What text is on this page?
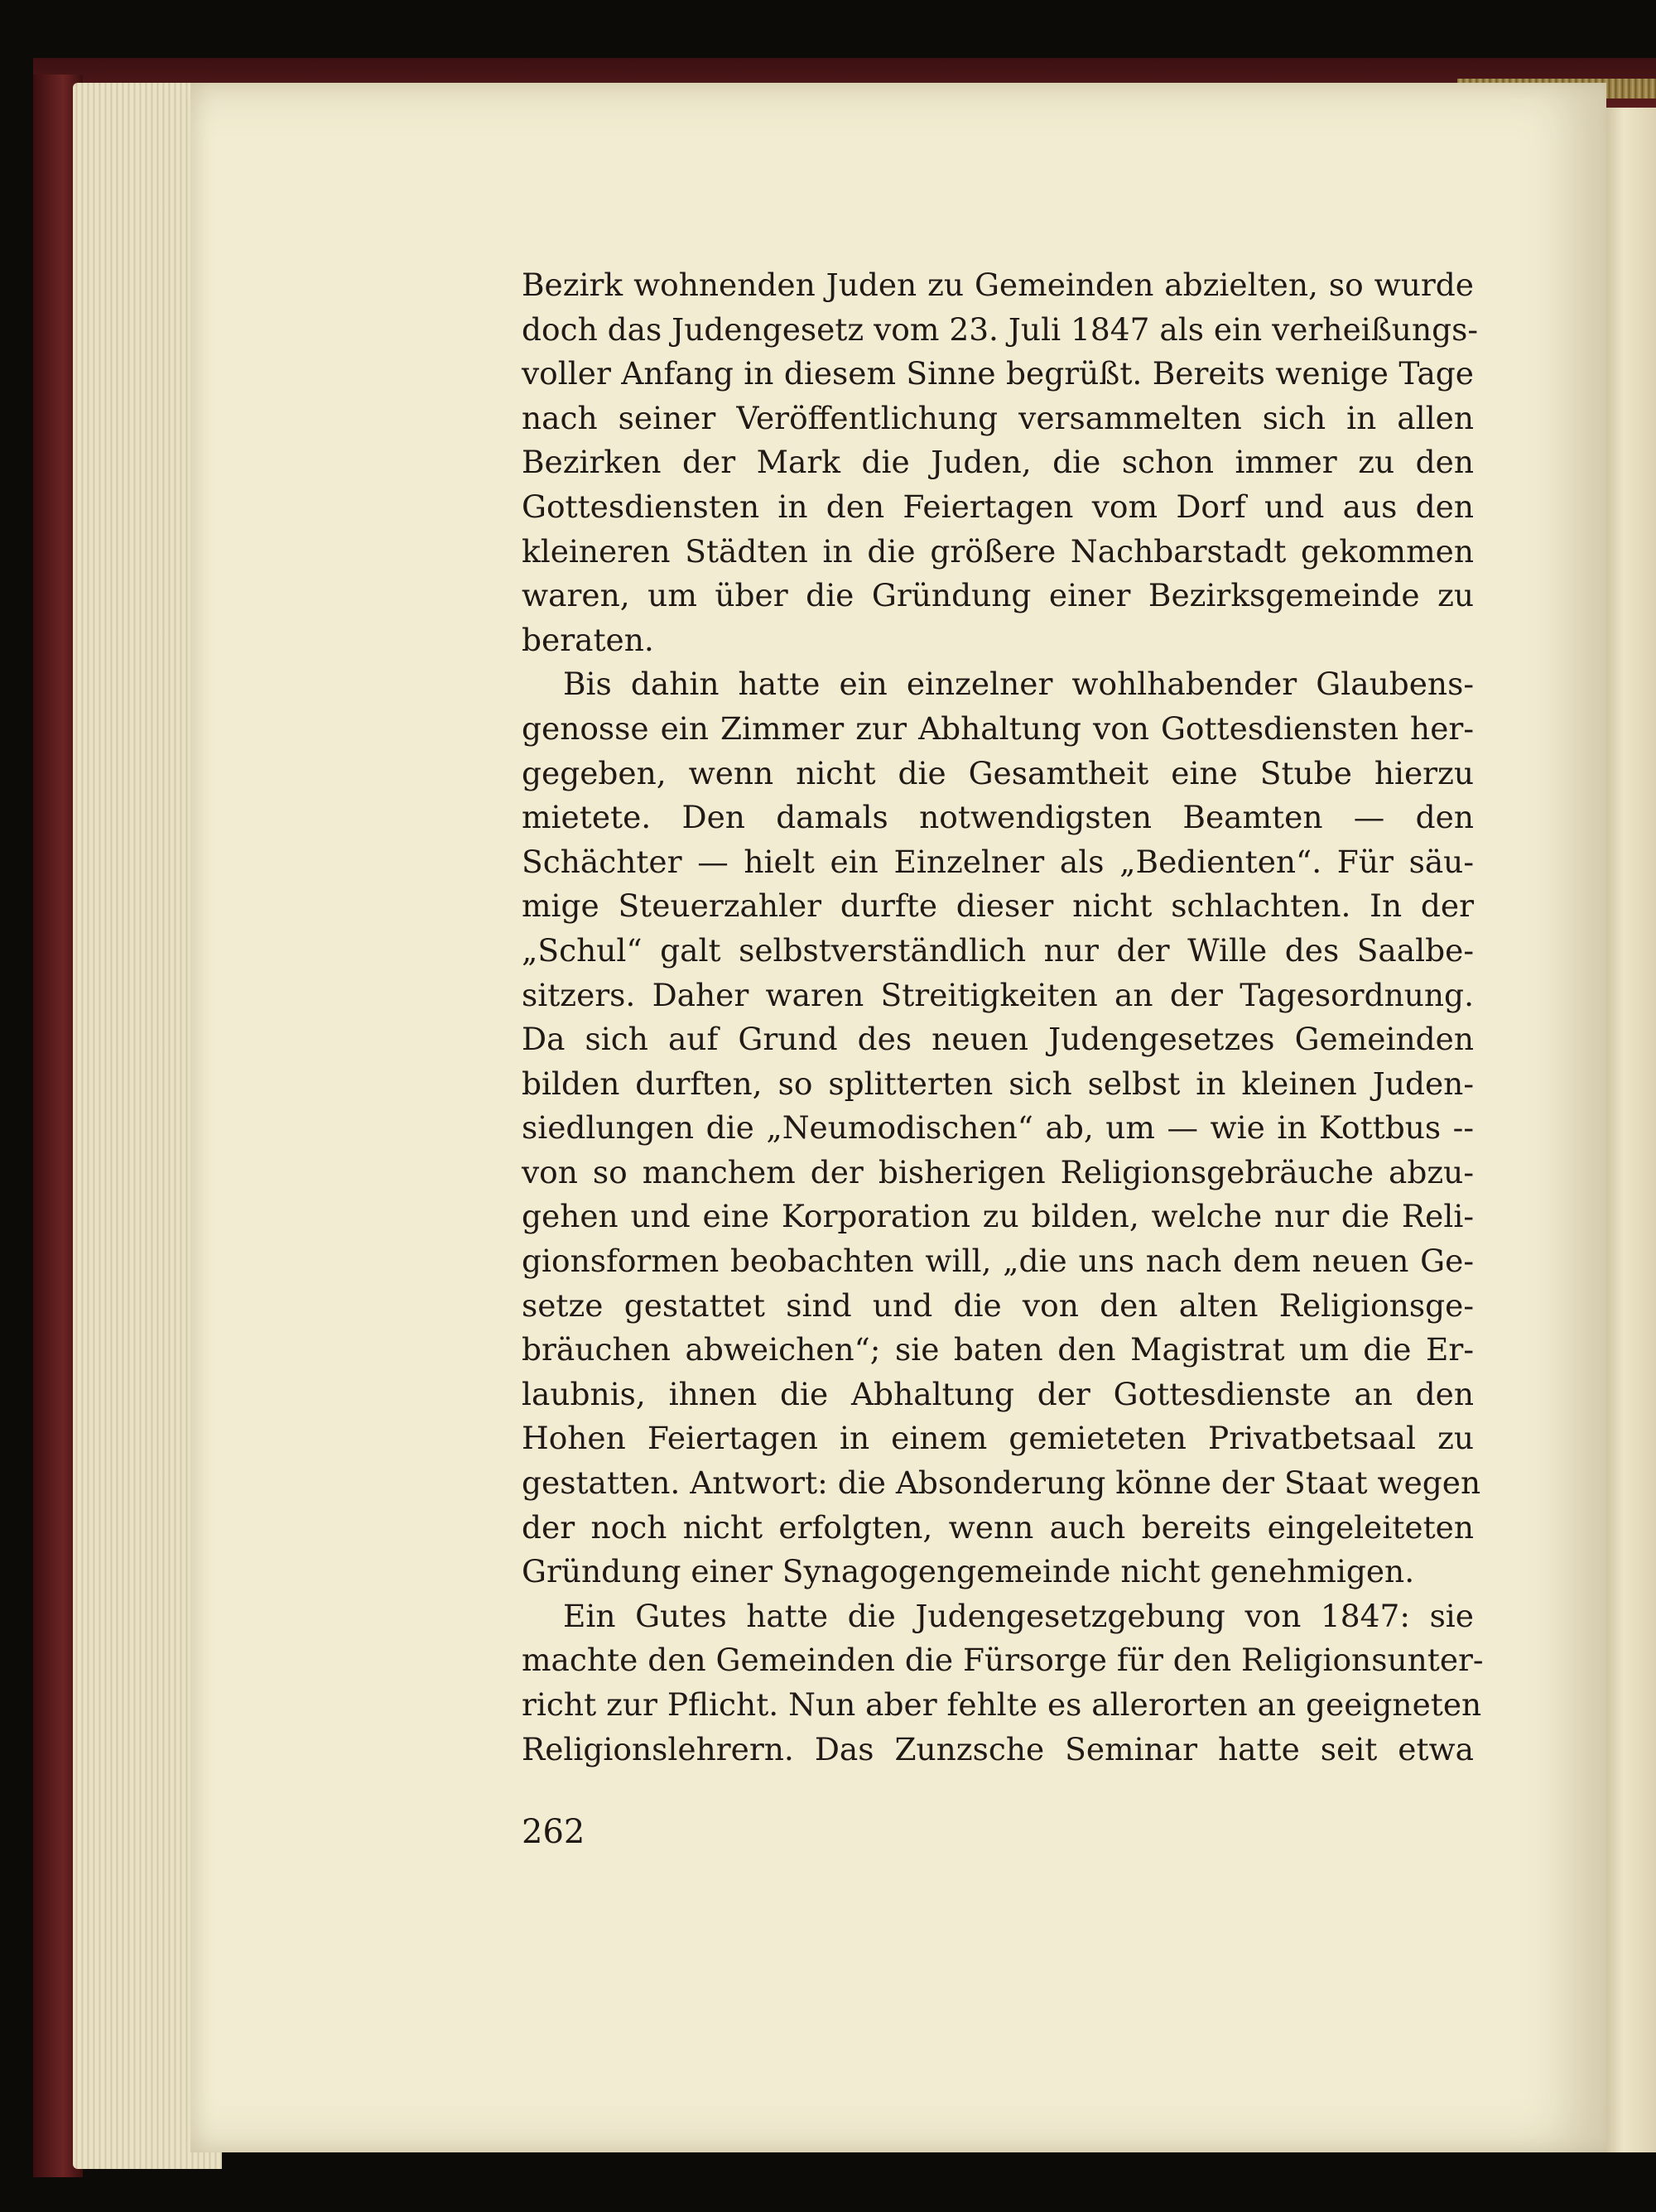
Bezirk wohnenden Juden zu Gemeinden abzielten, so wurde
doch das Judengesetz vom 23. Juli 1847 als ein verheißungs-
voller Anfang in diesem Sinne begrüßt. Bereits wenige Tage
nach seiner Veröffentlichung versammelten sich in allen
Bezirken der Mark die Juden, die schon immer zu den
Gottesdiensten in den Feiertagen vom Dorf und aus den
kleineren Städten in die größere Nachbarstadt gekommen
waren, um über die Gründung einer Bezirksgemeinde zu
beraten.
Bis dahin hatte ein einzelner wohlhabender Glaubens-
genosse ein Zimmer zur Abhaltung von Gottesdiensten her-
gegeben, wenn nicht die Gesamtheit eine Stube hierzu
mietete. Den damals notwendigsten Beamten — den
Schächter — hielt ein Einzelner als „Bedienten“. Für säu-
mige Steuerzahler durfte dieser nicht schlachten. In der
„Schul“ galt selbstverständlich nur der Wille des Saalbe-
sitzers. Daher waren Streitigkeiten an der Tagesordnung.
Da sich auf Grund des neuen Judengesetzes Gemeinden
bilden durften, so splitterten sich selbst in kleinen Juden-
siedlungen die „Neumodischen“ ab, um — wie in Kottbus --
von so manchem der bisherigen Religionsgebräuche abzu-
gehen und eine Korporation zu bilden, welche nur die Reli-
gionsformen beobachten will, „die uns nach dem neuen Ge-
setze gestattet sind und die von den alten Religionsge-
bräuchen abweichen“; sie baten den Magistrat um die Er-
laubnis, ihnen die Abhaltung der Gottesdienste an den
Hohen Feiertagen in einem gemieteten Privatbetsaal zu
gestatten. Antwort: die Absonderung könne der Staat wegen
der noch nicht erfolgten, wenn auch bereits eingeleiteten
Gründung einer Synagogengemeinde nicht genehmigen.
Ein Gutes hatte die Judengesetzgebung von 1847: sie
machte den Gemeinden die Fürsorge für den Religionsunter-
richt zur Pflicht. Nun aber fehlte es allerorten an geeigneten
Religionslehrern. Das Zunzsche Seminar hatte seit etwa
262
